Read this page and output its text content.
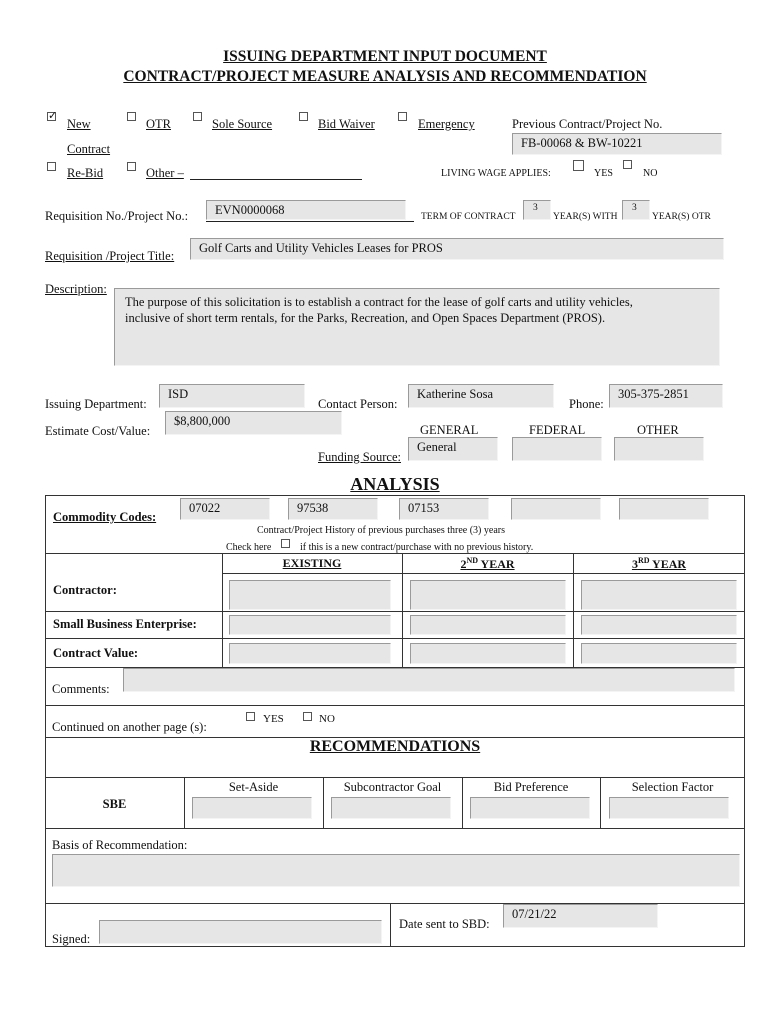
ISSUING DEPARTMENT INPUT DOCUMENT
CONTRACT/PROJECT MEASURE ANALYSIS AND RECOMMENDATION
✓
New
Contract
OTR	Sole Source	Bid Waiver	Emergency	Previous Contract/Project No.
FB-00068 & BW-10221
Re-Bid	Other –	LIVING WAGE APPLIES:	YES	NO
Requisition No./Project No.:	EVN0000068	TERM OF CONTRACT
3
YEAR(S) WITH
3
YEAR(S) OTR
Requisition /Project Title:
Golf Carts and Utility Vehicles Leases for PROS
Description:
The purpose of this solicitation is to establish a contract for the lease of golf carts and utility vehicles,
inclusive of short term rentals, for the Parks, Recreation, and Open Spaces Department (PROS).
Issuing Department:
ISD
Contact Person:
Katherine Sosa
Phone:
305-375-2851
Estimate Cost/Value:
$8,800,000
GENERAL	FEDERAL	OTHER
Funding Source:
General
ANALYSIS
Commodity Codes:
07022	97538	07153
Contract/Project History of previous purchases three (3) years
Check here	if this is a new contract/purchase with no previous history.
EXISTING	2ND YEAR	3RD YEAR
Contractor:
Small Business Enterprise:
Contract Value:
Comments:
Continued on another page (s):
YES	NO
RECOMMENDATIONS
Set-Aside	Subcontractor Goal	Bid Preference	Selection Factor
SBE
Basis of Recommendation:
Signed:
Date sent to SBD:
07/21/22
